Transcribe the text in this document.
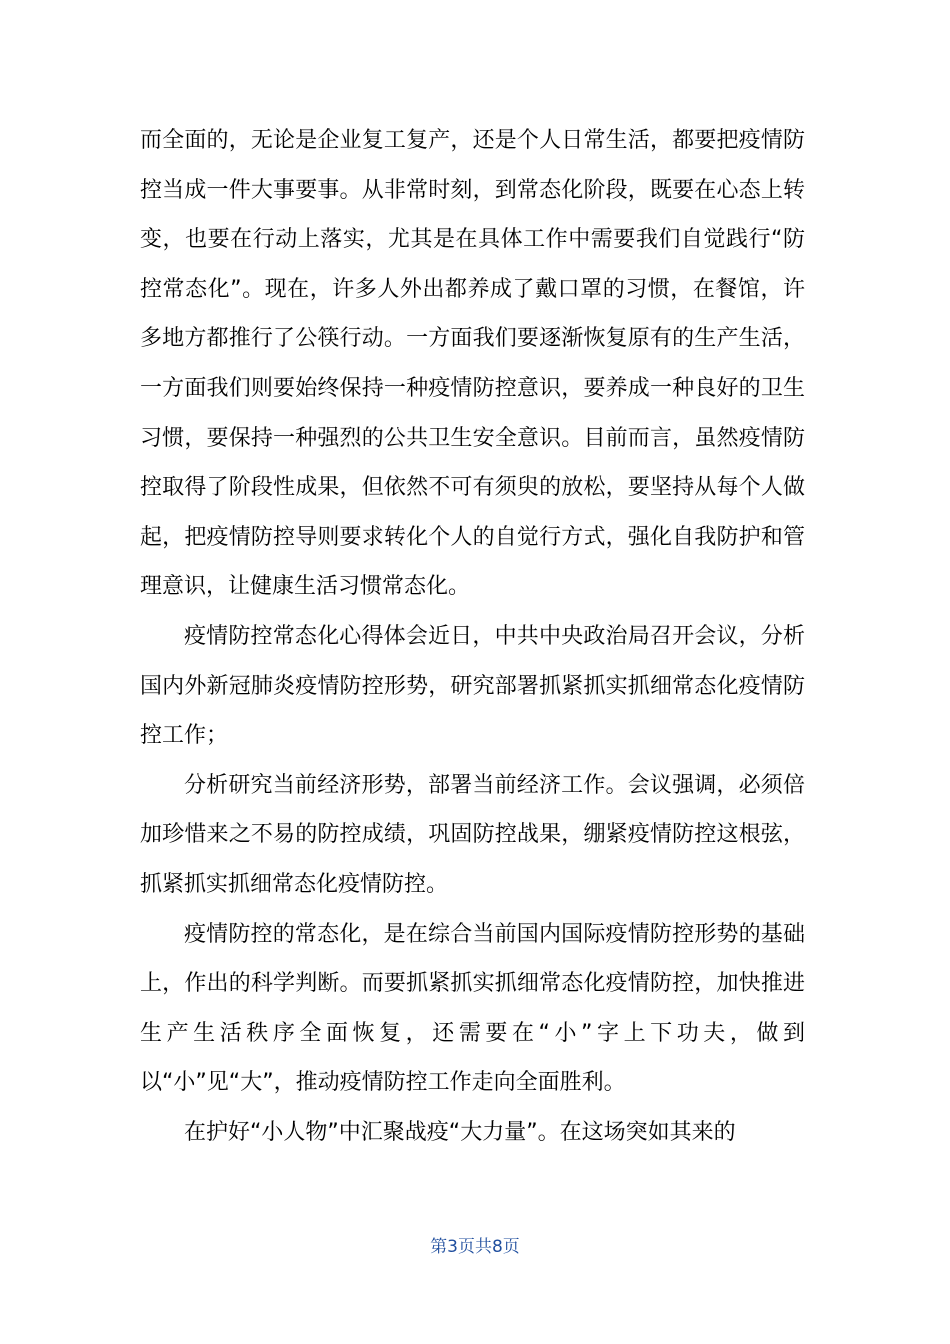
而全面的，无论是企业复工复产，还是个人日常生活，都要把疫情防控当成一件大事要事。从非常时刻，到常态化阶段，既要在心态上转变，也要在行动上落实，尤其是在具体工作中需要我们自觉践行“防控常态化”。现在，许多人外出都养成了戴口罩的习惯，在餐馆，许多地方都推行了公筷行动。一方面我们要逐渐恢复原有的生产生活，一方面我们则要始终保持一种疫情防控意识，要养成一种良好的卫生习惯，要保持一种强烈的公共卫生安全意识。目前而言，虽然疫情防控取得了阶段性成果，但依然不可有须臾的放松，要坚持从每个人做起，把疫情防控导则要求转化个人的自觉行方式，强化自我防护和管理意识，让健康生活习惯常态化。

疫情防控常态化心得体会近日，中共中央政治局召开会议，分析国内外新冠肺炎疫情防控形势，研究部署抓紧抓实抓细常态化疫情防控工作；

分析研究当前经济形势，部署当前经济工作。会议强调，必须倍加珍惜来之不易的防控成绩，巩固防控战果，绷紧疫情防控这根弦，抓紧抓实抓细常态化疫情防控。

疫情防控的常态化，是在综合当前国内国际疫情防控形势的基础上，作出的科学判断。而要抓紧抓实抓细常态化疫情防控，加快推进生产生活秩序全面恢复，还需要在“小”字上下功夫，做到以“小”见“大”，推动疫情防控工作走向全面胜利。

在护好“小人物”中汇聚战疫“大力量”。在这场突如其来的

第3页共8页
